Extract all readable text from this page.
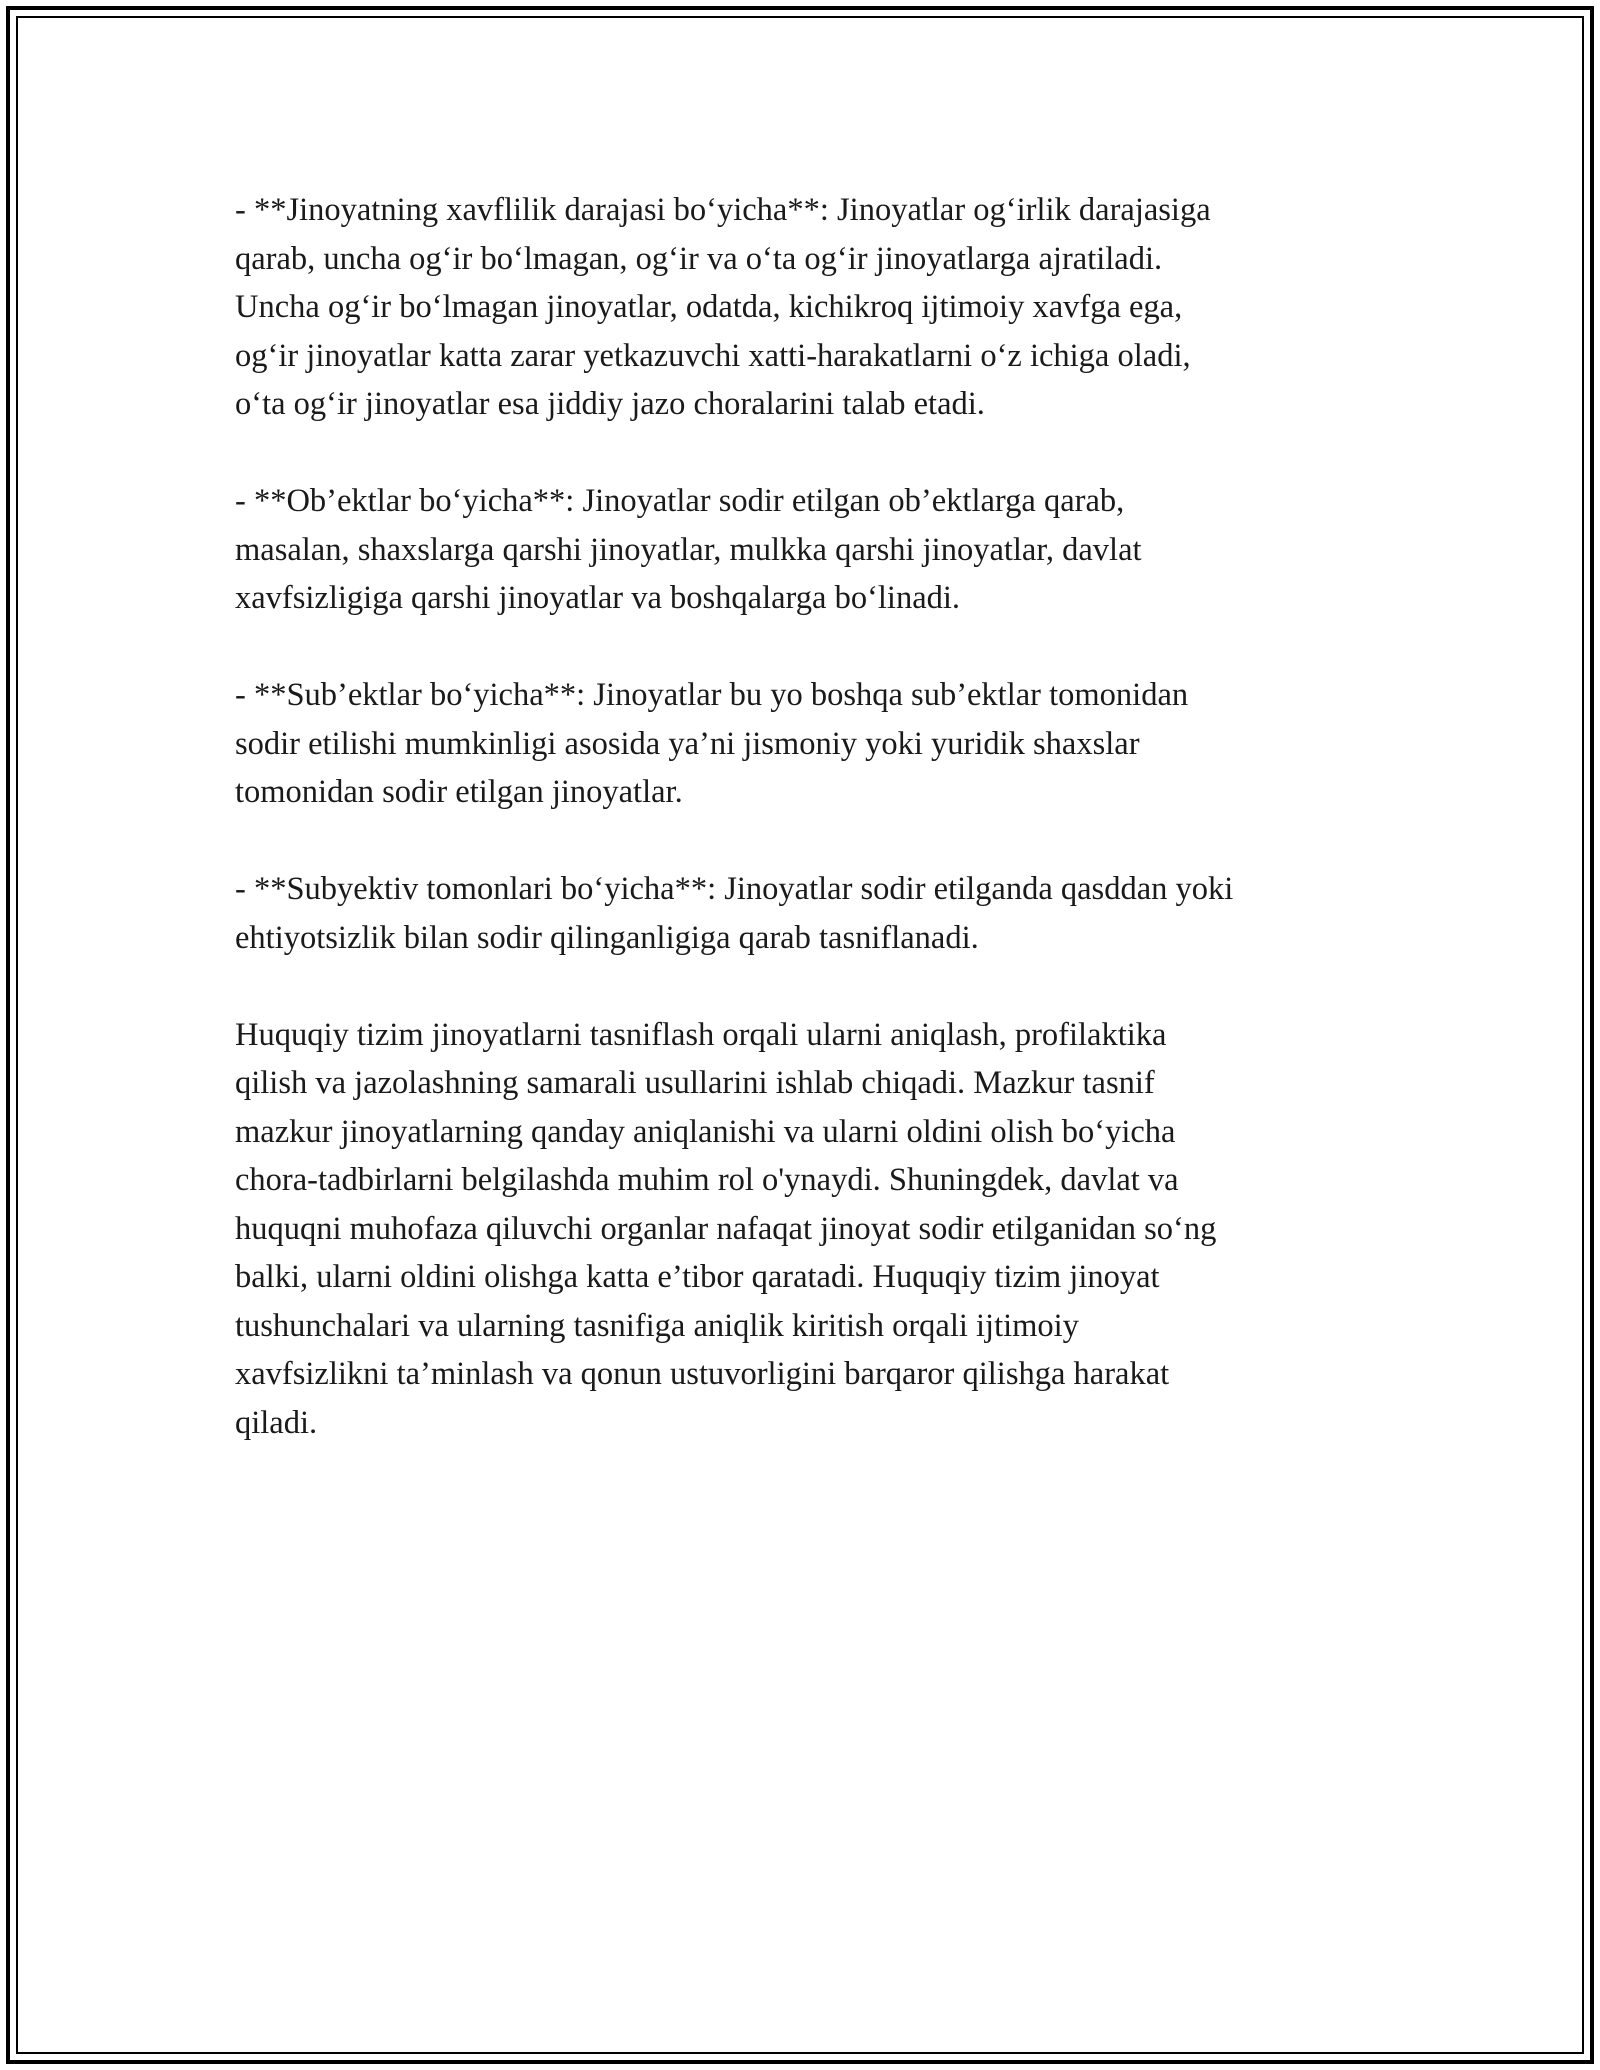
- **Jinoyatning xavflilik darajasi bo‘yicha**: Jinoyatlar og‘irlik darajasiga
qarab, uncha og‘ir bo‘lmagan, og‘ir va o‘ta og‘ir jinoyatlarga ajratiladi.
Uncha og‘ir bo‘lmagan jinoyatlar, odatda, kichikroq ijtimoiy xavfga ega,
og‘ir jinoyatlar katta zarar yetkazuvchi xatti-harakatlarni o‘z ichiga oladi,
o‘ta og‘ir jinoyatlar esa jiddiy jazo choralarini talab etadi.

- **Ob’ektlar bo‘yicha**: Jinoyatlar sodir etilgan ob’ektlarga qarab,
masalan, shaxslarga qarshi jinoyatlar, mulkka qarshi jinoyatlar, davlat
xavfsizligiga qarshi jinoyatlar va boshqalarga bo‘linadi.

- **Sub’ektlar bo‘yicha**: Jinoyatlar bu yo boshqa sub’ektlar tomonidan
sodir etilishi mumkinligi asosida ya’ni jismoniy yoki yuridik shaxslar
tomonidan sodir etilgan jinoyatlar.

- **Subyektiv tomonlari bo‘yicha**: Jinoyatlar sodir etilganda qasddan yoki
ehtiyotsizlik bilan sodir qilinganligiga qarab tasniflanadi.

Huquqiy tizim jinoyatlarni tasniflash orqali ularni aniqlash, profilaktika
qilish va jazolashning samarali usullarini ishlab chiqadi. Mazkur tasnif
mazkur jinoyatlarning qanday aniqlanishi va ularni oldini olish bo‘yicha
chora-tadbirlarni belgilashda muhim rol o'ynaydi. Shuningdek, davlat va
huquqni muhofaza qiluvchi organlar nafaqat jinoyat sodir etilganidan so‘ng
balki, ularni oldini olishga katta e’tibor qaratadi. Huquqiy tizim jinoyat
tushunchalari va ularning tasnifiga aniqlik kiritish orqali ijtimoiy
xavfsizlikni ta’minlash va qonun ustuvorligini barqaror qilishga harakat
qiladi.
